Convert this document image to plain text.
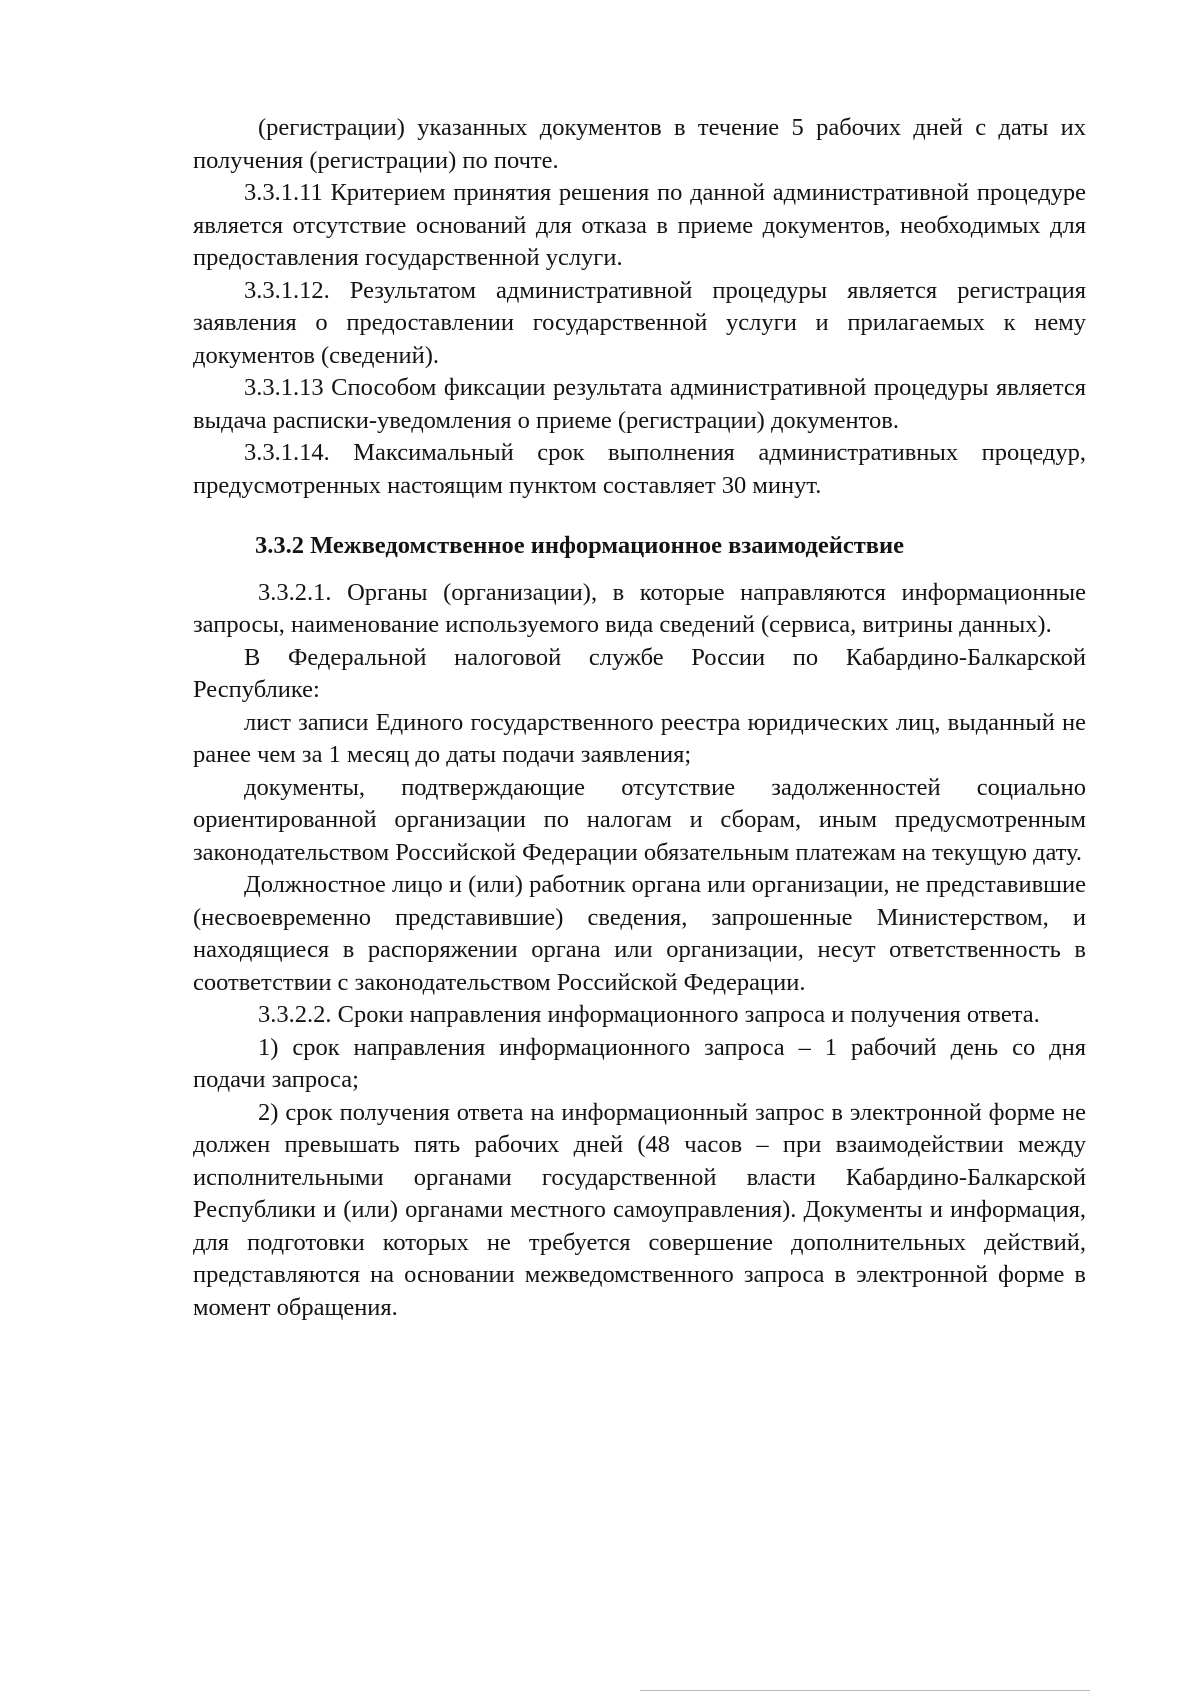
(регистрации) указанных документов в течение 5 рабочих дней с даты их получения (регистрации) по почте.

3.3.1.11 Критерием принятия решения по данной административной процедуре является отсутствие оснований для отказа в приеме документов, необходимых для предоставления государственной услуги.

3.3.1.12. Результатом административной процедуры является регистрация заявления о предоставлении государственной услуги и прилагаемых к нему документов (сведений).

3.3.1.13 Способом фиксации результата административной процедуры является выдача расписки-уведомления о приеме (регистрации) документов.

3.3.1.14. Максимальный срок выполнения административных процедур, предусмотренных настоящим пунктом составляет 30 минут.

3.3.2 Межведомственное информационное взаимодействие

3.3.2.1. Органы (организации), в которые направляются информационные запросы, наименование используемого вида сведений (сервиса, витрины данных).

В Федеральной налоговой службе России по Кабардино-Балкарской Республике:

лист записи Единого государственного реестра юридических лиц, выданный не ранее чем за 1 месяц до даты подачи заявления;

документы, подтверждающие отсутствие задолженностей социально ориентированной организации по налогам и сборам, иным предусмотренным законодательством Российской Федерации обязательным платежам на текущую дату.

Должностное лицо и (или) работник органа или организации, не представившие (несвоевременно представившие) сведения, запрошенные Министерством, и находящиеся в распоряжении органа или организации, несут ответственность в соответствии с законодательством Российской Федерации.

3.3.2.2. Сроки направления информационного запроса и получения ответа.

1) срок направления информационного запроса – 1 рабочий день со дня подачи запроса;

2) срок получения ответа на информационный запрос в электронной форме не должен превышать пять рабочих дней (48 часов – при взаимодействии между исполнительными органами государственной власти Кабардино-Балкарской Республики и (или) органами местного самоуправления). Документы и информация, для подготовки которых не требуется совершение дополнительных действий, представляются на основании межведомственного запроса в электронной форме в момент обращения.
